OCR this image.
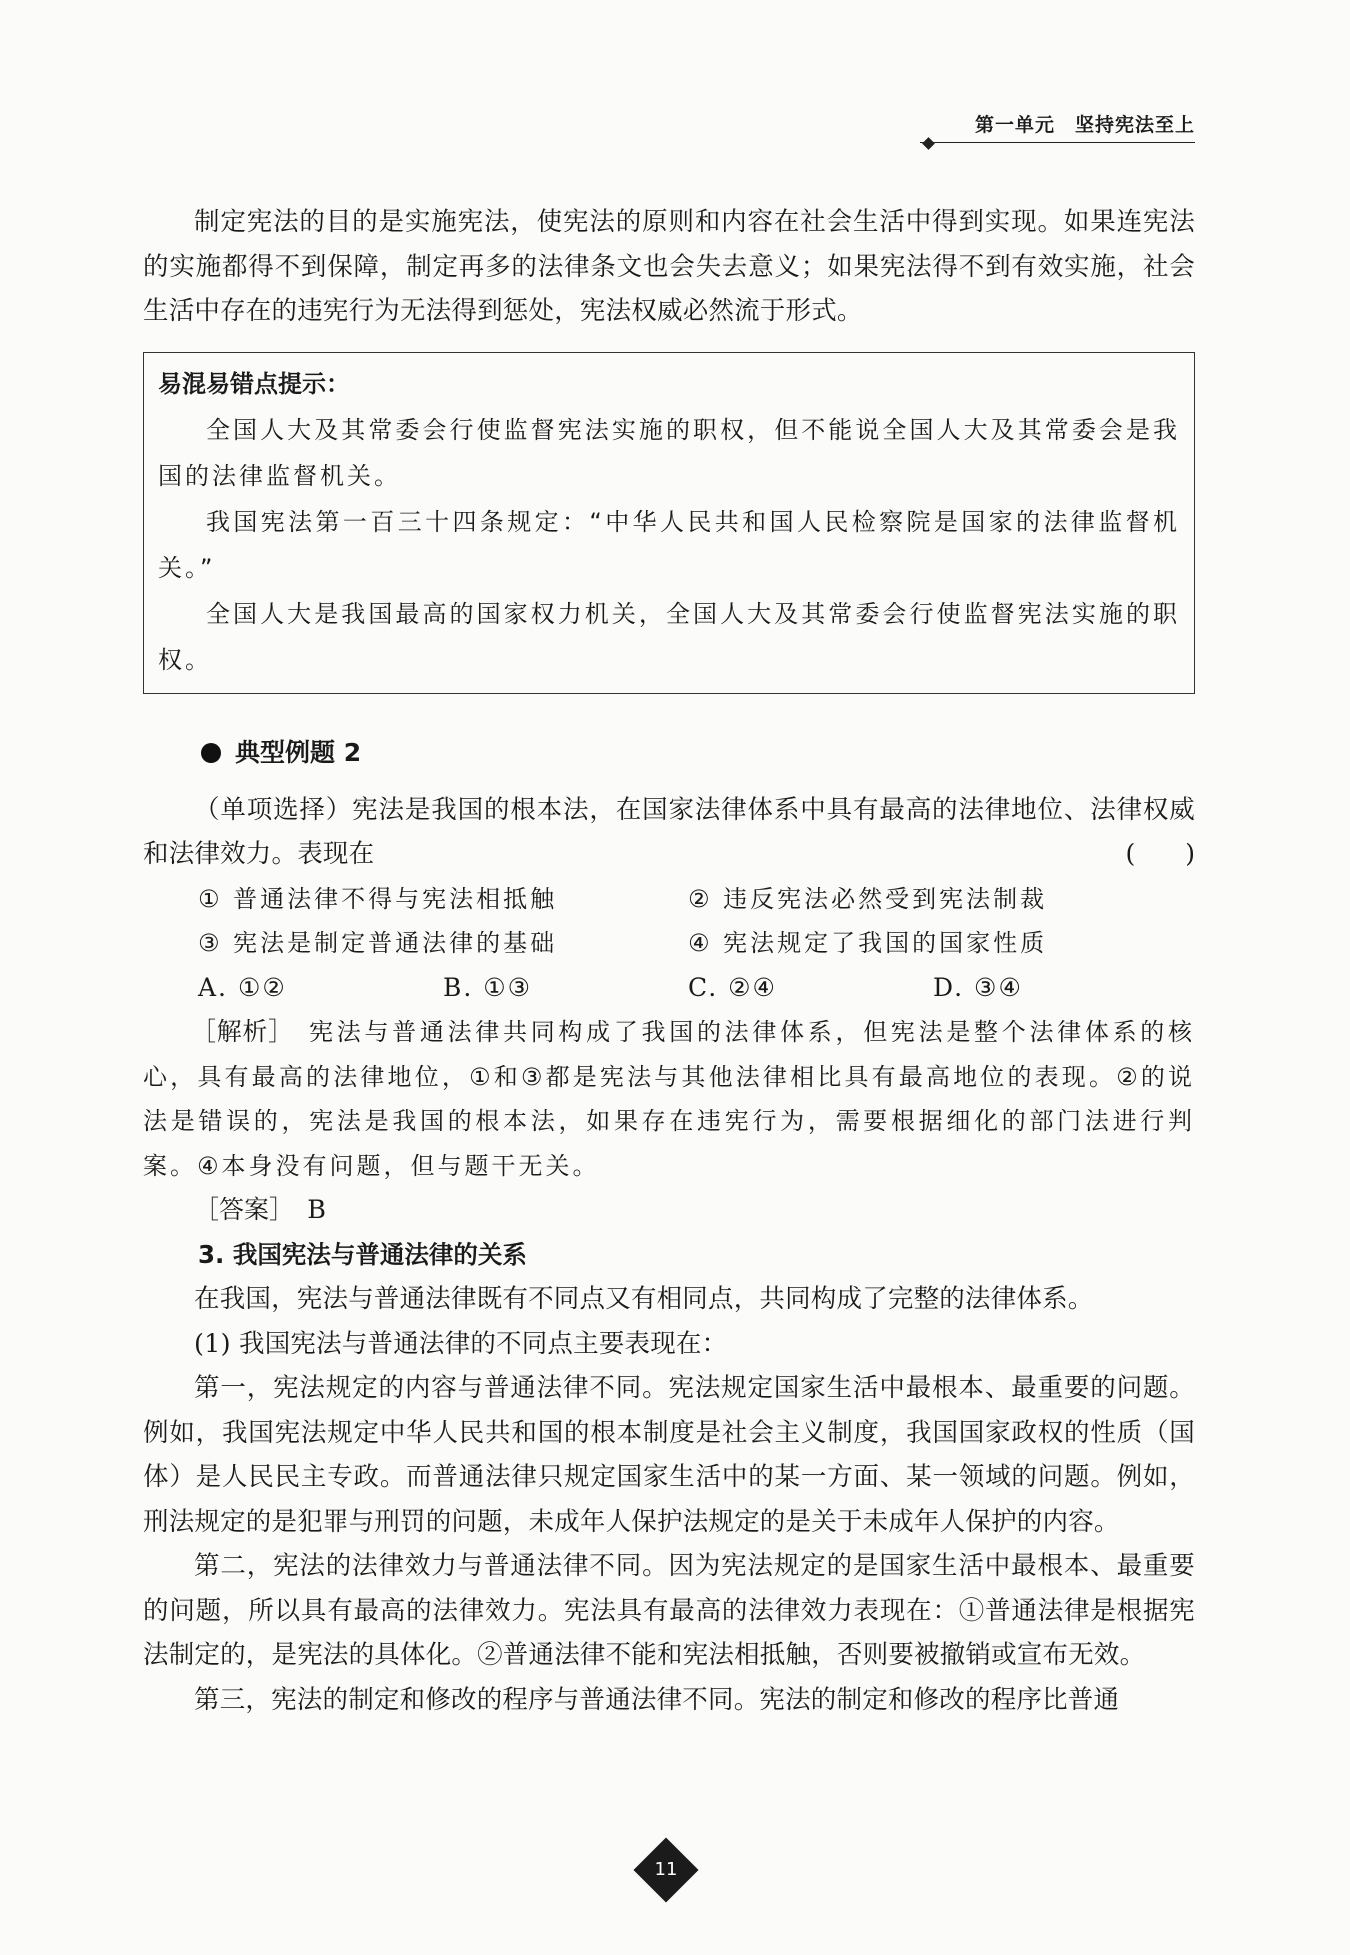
第一单元　坚持宪法至上

制定宪法的目的是实施宪法，使宪法的原则和内容在社会生活中得到实现。如果连宪法的实施都得不到保障，制定再多的法律条文也会失去意义；如果宪法得不到有效实施，社会生活中存在的违宪行为无法得到惩处，宪法权威必然流于形式。

易混易错点提示：

全国人大及其常委会行使监督宪法实施的职权，但不能说全国人大及其常委会是我国的法律监督机关。

我国宪法第一百三十四条规定：“中华人民共和国人民检察院是国家的法律监督机关。”

全国人大是我国最高的国家权力机关，全国人大及其常委会行使监督宪法实施的职权。

典型例题 2

（单项选择）宪法是我国的根本法，在国家法律体系中具有最高的法律地位、法律权威和法律效力。表现在	(　　)
① 普通法律不得与宪法相抵触	② 违反宪法必然受到宪法制裁
③ 宪法是制定普通法律的基础	④ 宪法规定了我国的国家性质
A. ①②	B. ①③	C. ②④	D. ③④

［解析］　 宪法与普通法律共同构成了我国的法律体系，但宪法是整个法律体系的核心，具有最高的法律地位，①和③都是宪法与其他法律相比具有最高地位的表现。②的说法是错误的，宪法是我国的根本法，如果存在违宪行为，需要根据细化的部门法进行判案。④本身没有问题，但与题干无关。

［答案］　 B

3. 我国宪法与普通法律的关系

在我国，宪法与普通法律既有不同点又有相同点，共同构成了完整的法律体系。

(1) 我国宪法与普通法律的不同点主要表现在：

第一，宪法规定的内容与普通法律不同。宪法规定国家生活中最根本、最重要的问题。例如，我国宪法规定中华人民共和国的根本制度是社会主义制度，我国国家政权的性质（国体）是人民民主专政。而普通法律只规定国家生活中的某一方面、某一领域的问题。例如，刑法规定的是犯罪与刑罚的问题，未成年人保护法规定的是关于未成年人保护的内容。

第二，宪法的法律效力与普通法律不同。因为宪法规定的是国家生活中最根本、最重要的问题，所以具有最高的法律效力。宪法具有最高的法律效力表现在：①普通法律是根据宪法制定的，是宪法的具体化。②普通法律不能和宪法相抵触，否则要被撤销或宣布无效。

第三，宪法的制定和修改的程序与普通法律不同。宪法的制定和修改的程序比普通

11
